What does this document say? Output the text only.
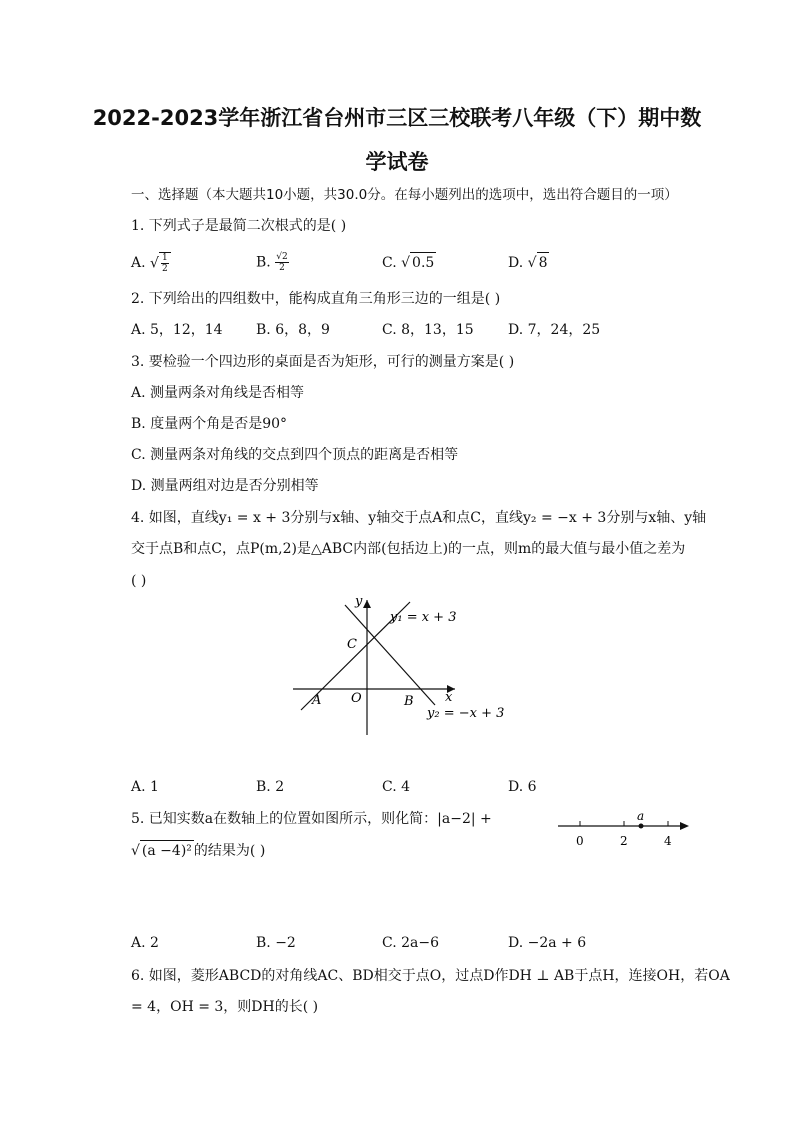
2022-2023学年浙江省台州市三区三校联考八年级（下）期中数
学试卷
一、选择题（本大题共10小题，共30.0分。在每小题列出的选项中，选出符合题目的一项）
1. 下列式子是最简二次根式的是( )
A. √ $\frac{1}{2}$	B. $\frac{√2}{2}$	C. √ 0.5	D. √ 8
2. 下列给出的四组数中，能构成直角三角形三边的一组是( )
A. 5，12，14 B. 6，8，9	C. 8，13，15 D. 7，24，25
3. 要检验一个四边形的桌面是否为矩形，可行的测量方案是( )
A. 测量两条对角线是否相等
B. 度量两个角是否是90°
C. 测量两条对角线的交点到四个顶点的距离是否相等
D. 测量两组对边是否分别相等
4. 如图，直线y₁ = x + 3分别与x轴、y轴交于点A和点C，直线y₂ = −x + 3分别与x轴、y轴
交于点B和点C，点P(m,2)是△ABC内部(包括边上)的一点，则m的最大值与最小值之差为
( )
y
x
y₁ = x + 3
y₂ = −x + 3
C
A O	B
A. 1	B. 2	C. 4	D. 6
5. 已知实数a在数轴上的位置如图所示，则化简：|a−2| +
√ (a −4)² 的结果为( )
a
0	2	4
A. 2	B. −2	C. 2a−6	D. −2a + 6
6. 如图，菱形ABCD的对角线AC、BD相交于点O，过点D作DH ⊥ AB于点H，连接OH，若OA
= 4，OH = 3，则DH的长( )
